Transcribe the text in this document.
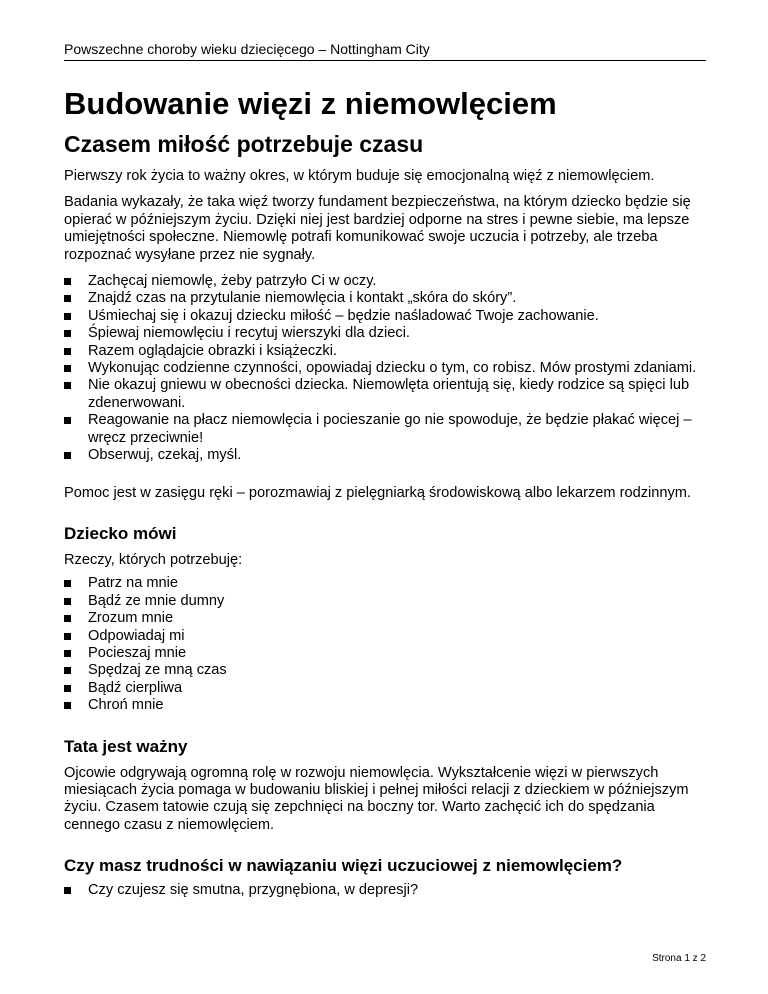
Powszechne choroby wieku dziecięcego – Nottingham City
Budowanie więzi z niemowlęciem
Czasem miłość potrzebuje czasu

Pierwszy rok życia to ważny okres, w którym buduje się emocjonalną więź z niemowlęciem.

Badania wykazały, że taka więź tworzy fundament bezpieczeństwa, na którym dziecko będzie się opierać w późniejszym życiu. Dzięki niej jest bardziej odporne na stres i pewne siebie, ma lepsze umiejętności społeczne. Niemowlę potrafi komunikować swoje uczucia i potrzeby, ale trzeba rozpoznać wysyłane przez nie sygnały.

Zachęcaj niemowlę, żeby patrzyło Ci w oczy.
Znajdź czas na przytulanie niemowlęcia i kontakt „skóra do skóry”.
Uśmiechaj się i okazuj dziecku miłość – będzie naśladować Twoje zachowanie.
Śpiewaj niemowlęciu i recytuj wierszyki dla dzieci.
Razem oglądajcie obrazki i książeczki.
Wykonując codzienne czynności, opowiadaj dziecku o tym, co robisz. Mów prostymi zdaniami.
Nie okazuj gniewu w obecności dziecka. Niemowlęta orientują się, kiedy rodzice są spięci lub zdenerwowani.
Reagowanie na płacz niemowlęcia i pocieszanie go nie spowoduje, że będzie płakać więcej – wręcz przeciwnie!
Obserwuj, czekaj, myśl.

Pomoc jest w zasięgu ręki – porozmawiaj z pielęgniarką środowiskową albo lekarzem rodzinnym.

Dziecko mówi

Rzeczy, których potrzebuję:

Patrz na mnie
Bądź ze mnie dumny
Zrozum mnie
Odpowiadaj mi
Pocieszaj mnie
Spędzaj ze mną czas
Bądź cierpliwa
Chroń mnie
Tata jest ważny

Ojcowie odgrywają ogromną rolę w rozwoju niemowlęcia. Wykształcenie więzi w pierwszych miesiącach życia pomaga w budowaniu bliskiej i pełnej miłości relacji z dzieckiem w późniejszym życiu. Czasem tatowie czują się zepchnięci na boczny tor. Warto zachęcić ich do spędzania cennego czasu z niemowlęciem.

Czy masz trudności w nawiązaniu więzi uczuciowej z niemowlęciem?
Czy czujesz się smutna, przygnębiona, w depresji?
Strona 1 z 2
